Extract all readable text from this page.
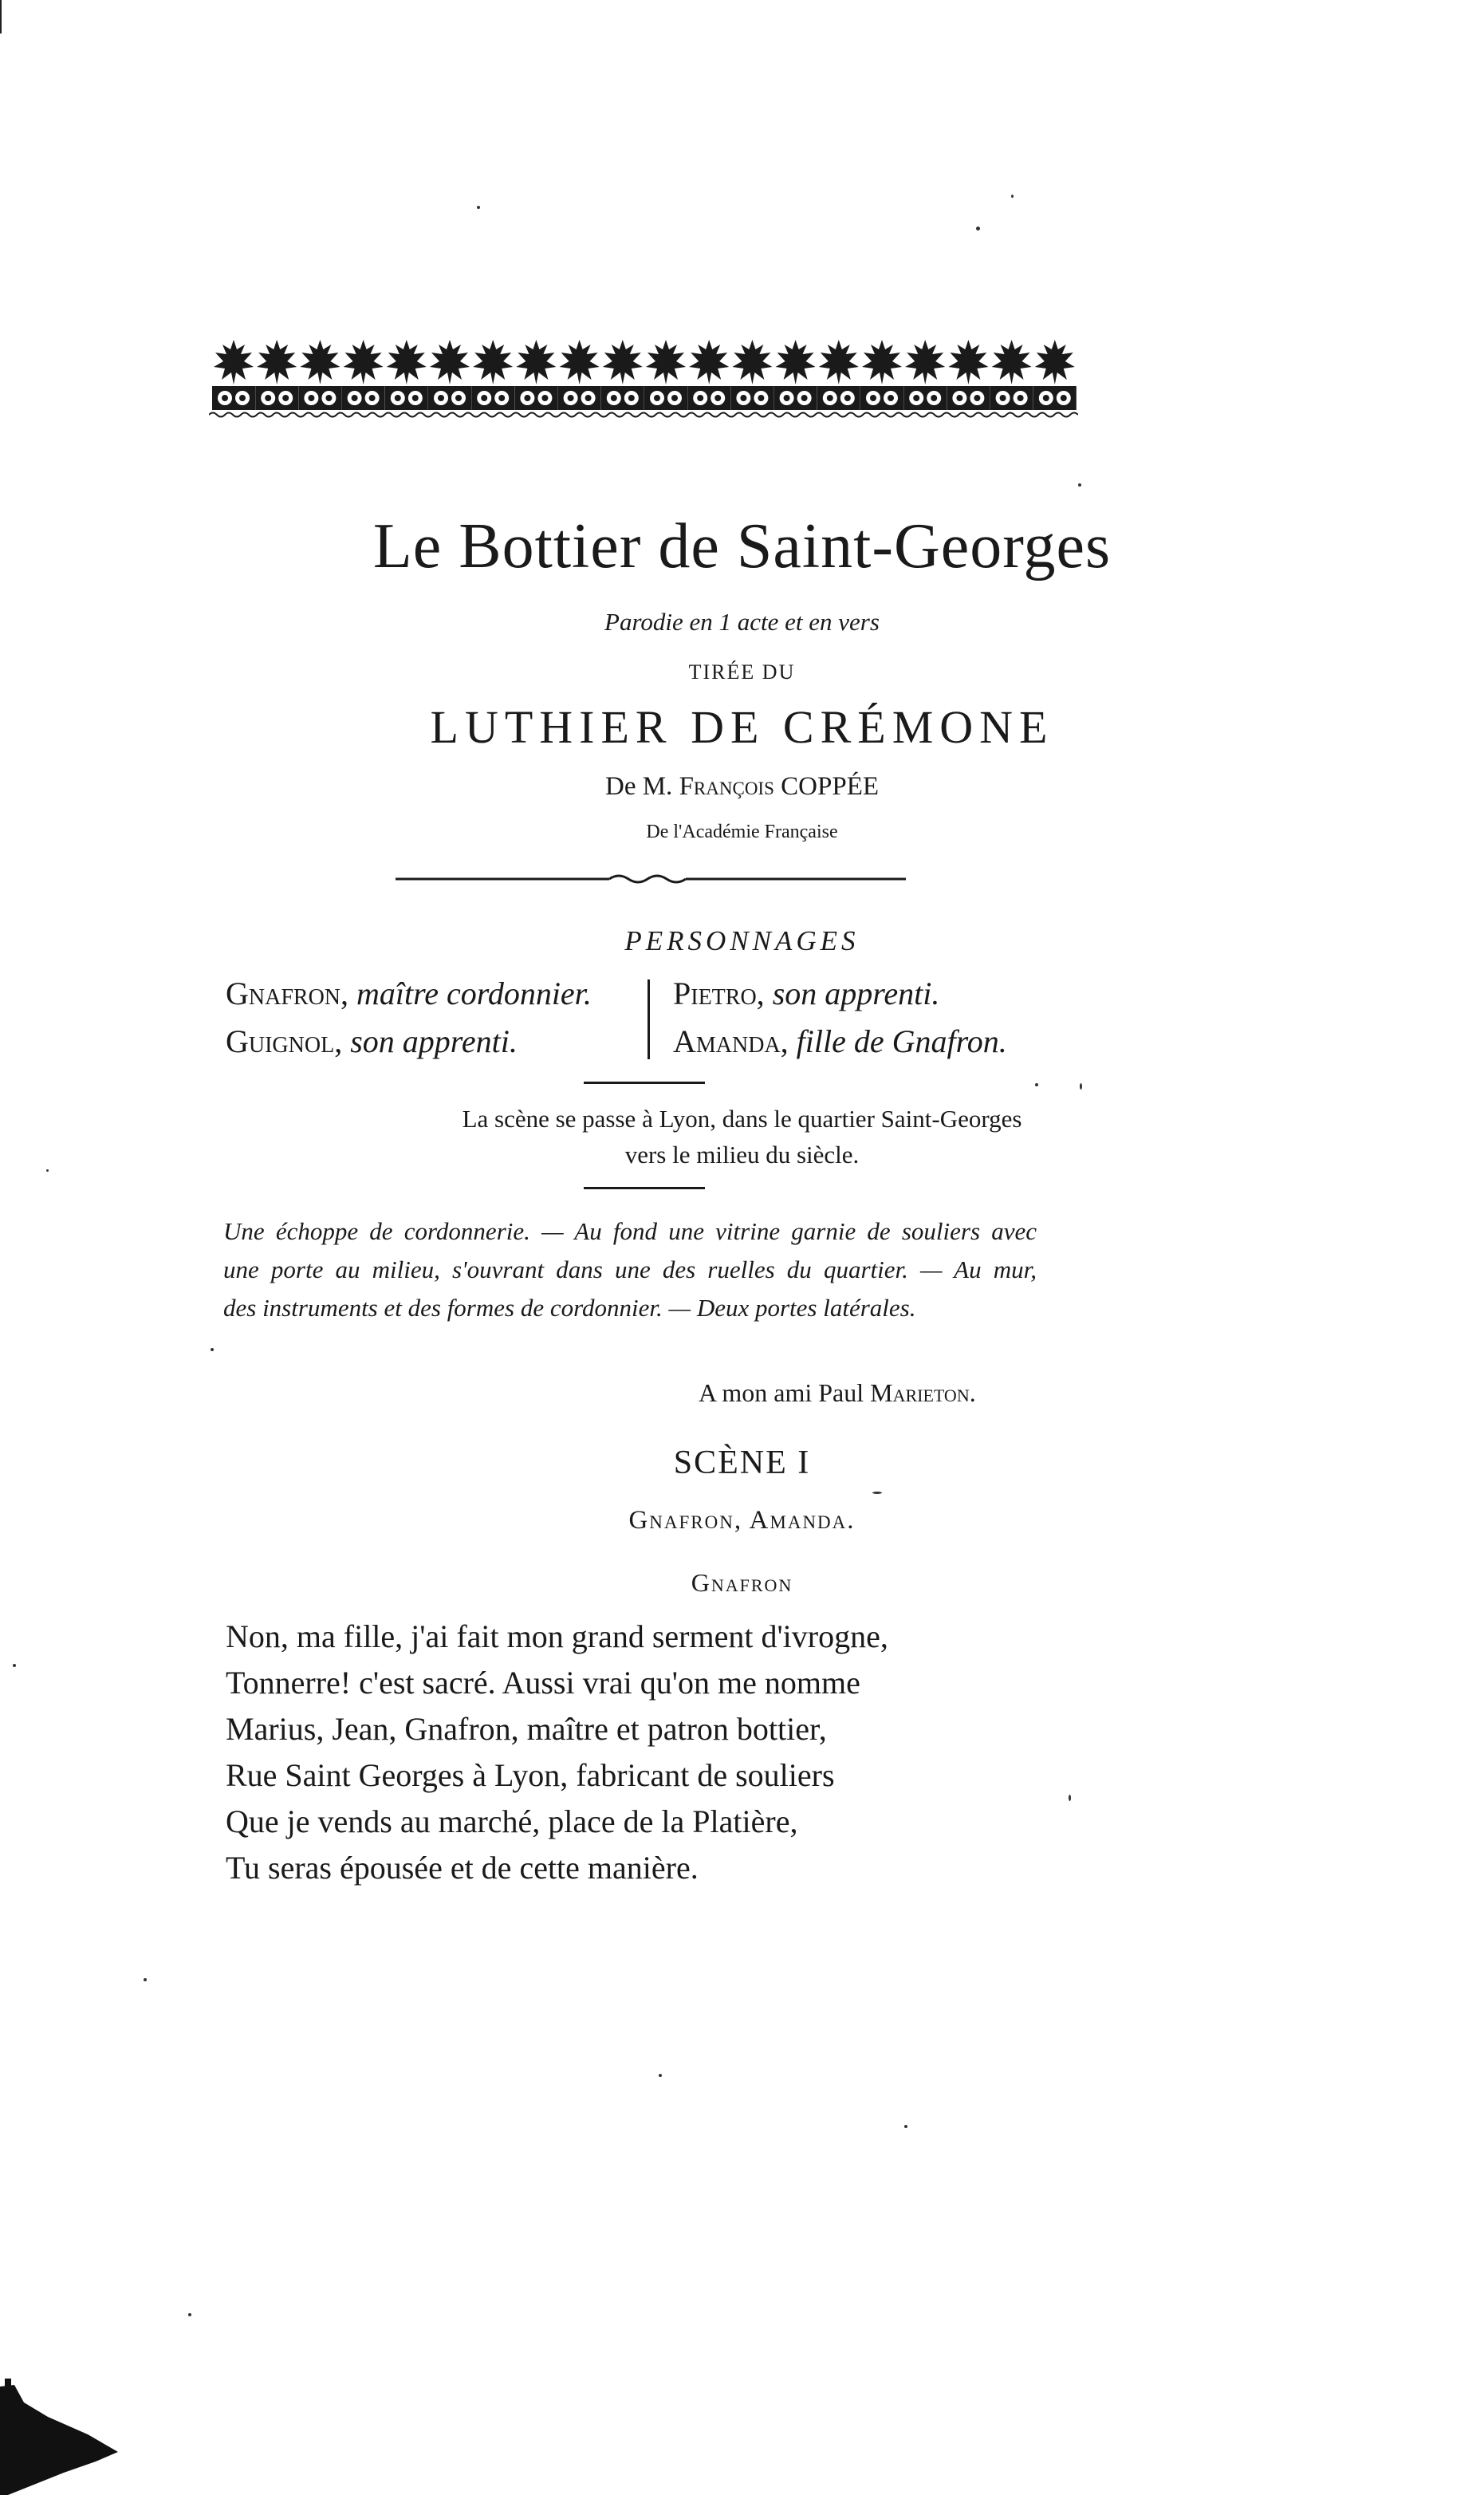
Le Bottier de Saint-Georges
Parodie en 1 acte et en vers
TIRÉE DU
LUTHIER DE CRÉMONE
De M. François COPPÉE
De l'Académie Française
PERSONNAGES
Gnafron, maître cordonnier.
Guignol, son apprenti.
Pietro, son apprenti.
Amanda, fille de Gnafron.
La scène se passe à Lyon, dans le quartier Saint-Georges
vers le milieu du siècle.
Une échoppe de cordonnerie. — Au fond une vitrine garnie de souliers avec
une porte au milieu, s'ouvrant dans une des ruelles du quartier. — Au mur,
des instruments et des formes de cordonnier. — Deux portes latérales.
A mon ami Paul Marieton.
SCÈNE I
Gnafron, Amanda.
Gnafron
Non, ma fille, j'ai fait mon grand serment d'ivrogne,
Tonnerre! c'est sacré. Aussi vrai qu'on me nomme
Marius, Jean, Gnafron, maître et patron bottier,
Rue Saint Georges à Lyon, fabricant de souliers
Que je vends au marché, place de la Platière,
Tu seras épousée et de cette manière.
